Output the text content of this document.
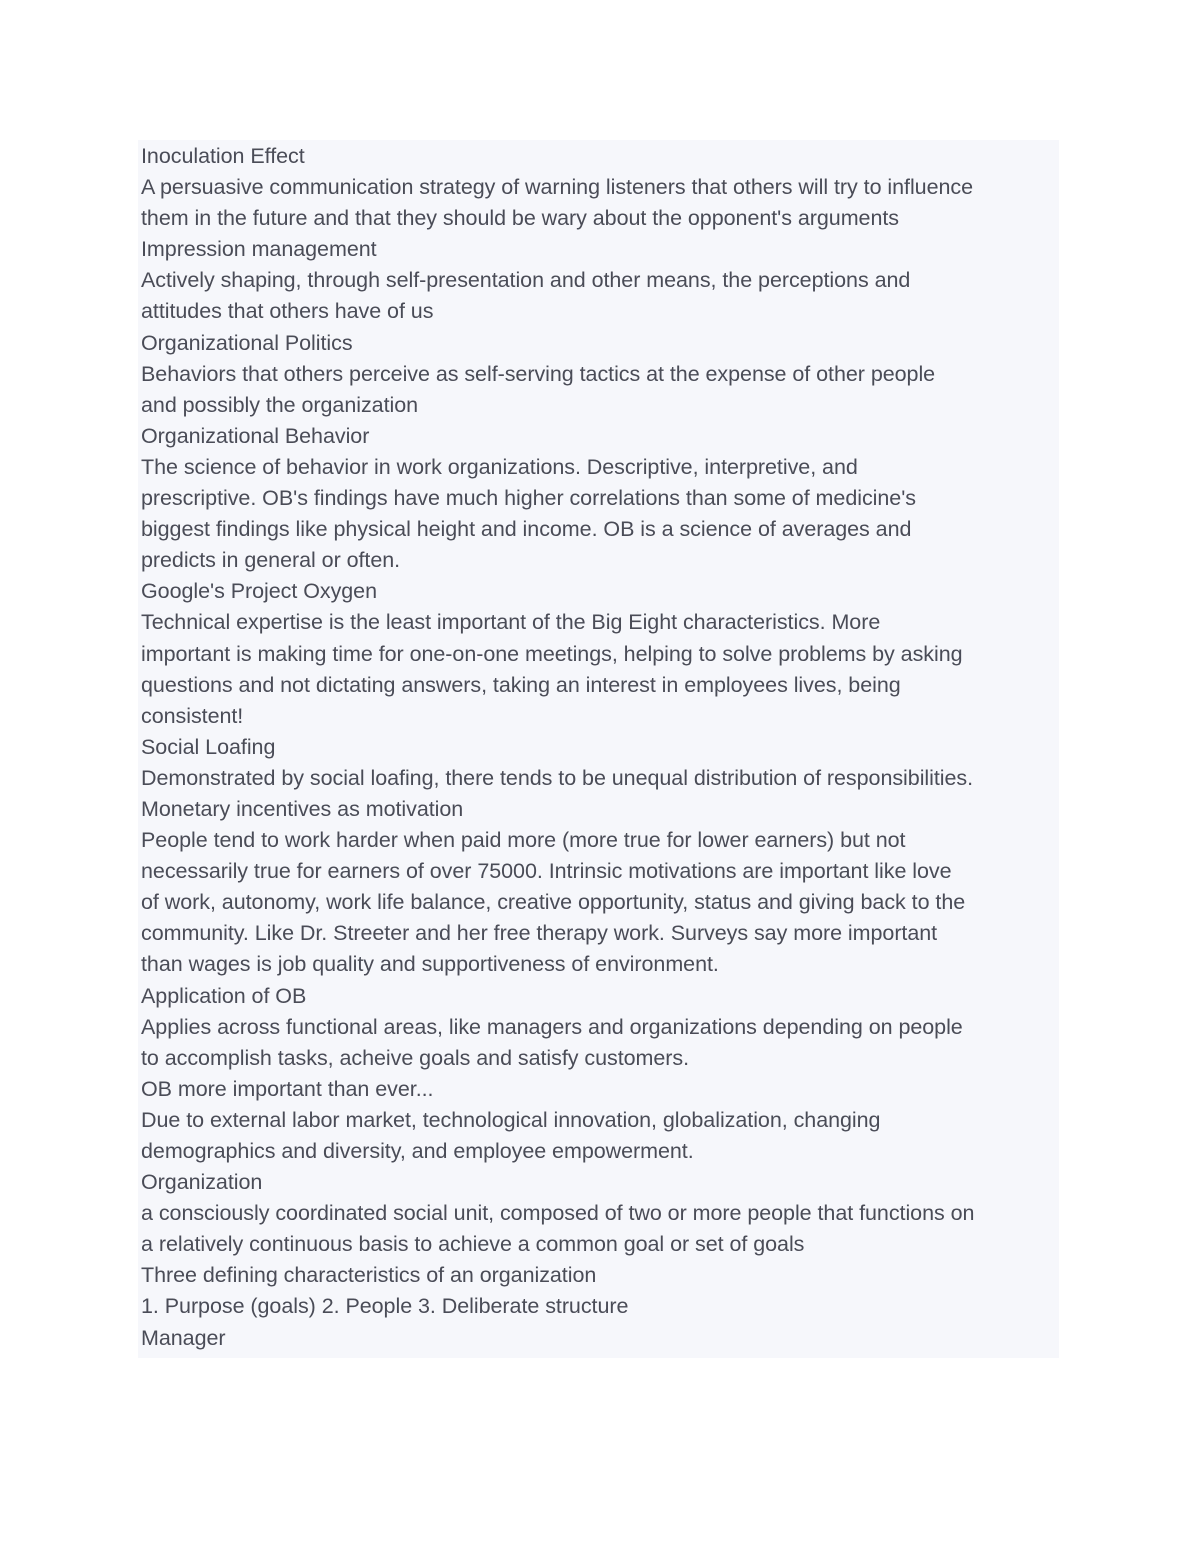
Inoculation Effect
A persuasive communication strategy of warning listeners that others will try to influence
them in the future and that they should be wary about the opponent's arguments
Impression management
Actively shaping, through self-presentation and other means, the perceptions and
attitudes that others have of us
Organizational Politics
Behaviors that others perceive as self-serving tactics at the expense of other people
and possibly the organization
Organizational Behavior
The science of behavior in work organizations. Descriptive, interpretive, and
prescriptive. OB's findings have much higher correlations than some of medicine's
biggest findings like physical height and income. OB is a science of averages and
predicts in general or often.
Google's Project Oxygen
Technical expertise is the least important of the Big Eight characteristics. More
important is making time for one-on-one meetings, helping to solve problems by asking
questions and not dictating answers, taking an interest in employees lives, being
consistent!
Social Loafing
Demonstrated by social loafing, there tends to be unequal distribution of responsibilities.
Monetary incentives as motivation
People tend to work harder when paid more (more true for lower earners) but not
necessarily true for earners of over 75000. Intrinsic motivations are important like love
of work, autonomy, work life balance, creative opportunity, status and giving back to the
community. Like Dr. Streeter and her free therapy work. Surveys say more important
than wages is job quality and supportiveness of environment.
Application of OB
Applies across functional areas, like managers and organizations depending on people
to accomplish tasks, acheive goals and satisfy customers.
OB more important than ever...
Due to external labor market, technological innovation, globalization, changing
demographics and diversity, and employee empowerment.
Organization
a consciously coordinated social unit, composed of two or more people that functions on
a relatively continuous basis to achieve a common goal or set of goals
Three defining characteristics of an organization
1. Purpose (goals) 2. People 3. Deliberate structure
Manager
